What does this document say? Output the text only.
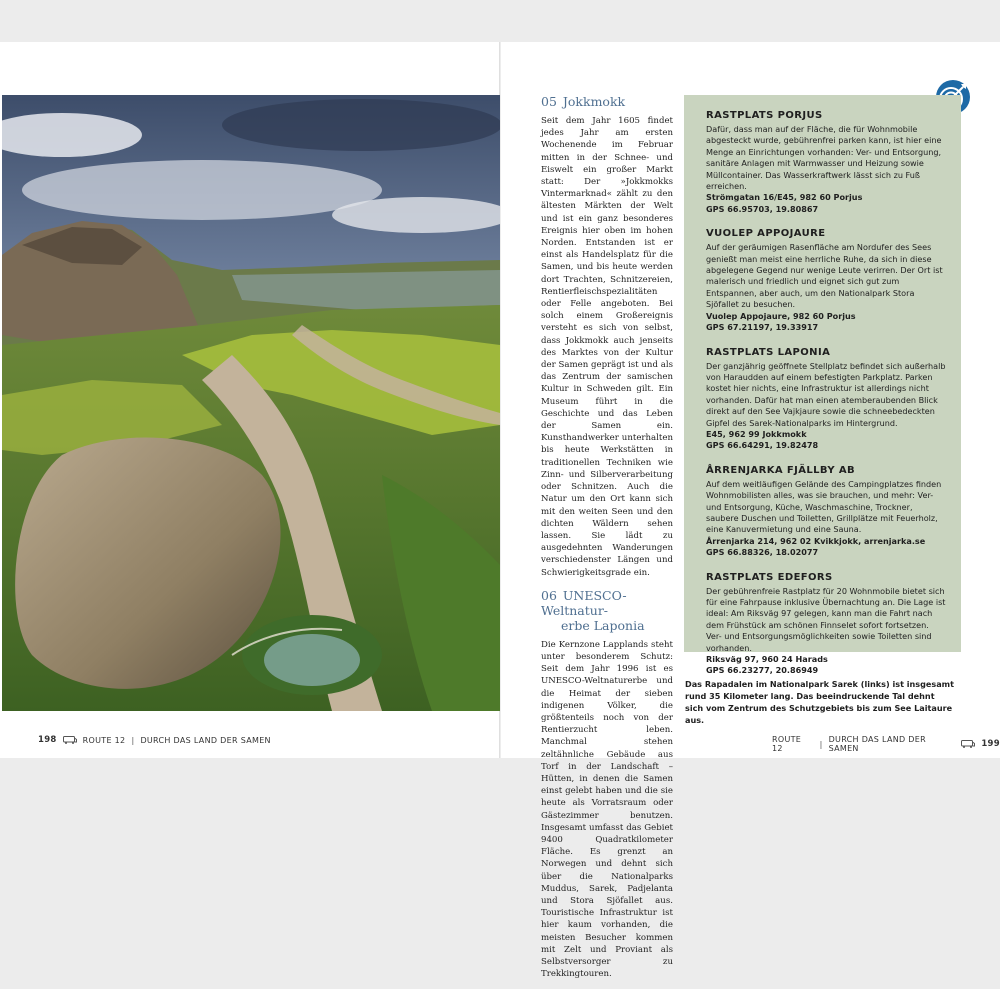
05 Jokkmokk

Seit dem Jahr 1605 findet jedes Jahr am ersten Wochenende im Februar mitten in der Schnee- und Eiswelt ein großer Markt statt: Der »Jokkmokks Vintermarknad« zählt zu den ältesten Märkten der Welt und ist ein ganz besonderes Ereignis hier oben im hohen Norden. Entstanden ist er einst als Handelsplatz für die Samen, und bis heute werden dort Trachten, Schnitzereien, Rentierfleischspezialitäten oder Felle angeboten. Bei solch einem Großereignis versteht es sich von selbst, dass Jokkmokk auch jenseits des Marktes von der Kultur der Samen geprägt ist und als das Zentrum der samischen Kultur in Schweden gilt. Ein Museum führt in die Geschichte und das Leben der Samen ein. Kunsthandwerker unterhalten bis heute Werkstätten in traditionellen Techniken wie Zinn- und Silberverarbeitung oder Schnitzen. Auch die Natur um den Ort kann sich mit den weiten Seen und den dichten Wäldern sehen lassen. Sie lädt zu ausgedehnten Wanderungen verschiedenster Längen und Schwierigkeitsgrade ein.

06 UNESCO-Weltnatur-
erbe Laponia

Die Kernzone Lapplands steht unter besonderem Schutz: Seit dem Jahr 1996 ist es UNESCO-Weltnaturerbe und die Heimat der sieben indigenen Völker, die größtenteils noch von der Rentierzucht leben. Manchmal stehen zeltähnliche Gebäude aus Torf in der Landschaft – Hütten, in denen die Samen einst gelebt haben und die sie heute als Vorratsraum oder Gästezimmer benutzen. Insgesamt umfasst das Gebiet 9400 Quadratkilometer Fläche. Es grenzt an Norwegen und dehnt sich über die Nationalparks Muddus, Sarek, Padjelanta und Stora Sjöfallet aus. Touristische Infrastruktur ist hier kaum vorhanden, die meisten Besucher kommen mit Zelt und Proviant als Selbstversorger zu Trekkingtouren.

RASTPLATS PORJUS

Dafür, dass man auf der Fläche, die für Wohnmobile abgesteckt wurde, gebührenfrei parken kann, ist hier eine Menge an Einrichtungen vorhanden: Ver- und Entsorgung, sanitäre Anlagen mit Warmwasser und Heizung sowie Müllcontainer. Das Wasserkraftwerk lässt sich zu Fuß erreichen.

Strömgatan 16/E45, 982 60 Porjus

GPS 66.95703, 19.80867

VUOLEP APPOJAURE

Auf der geräumigen Rasenfläche am Nordufer des Sees genießt man meist eine herrliche Ruhe, da sich in diese abgelegene Gegend nur wenige Leute verirren. Der Ort ist malerisch und friedlich und eignet sich gut zum Entspannen, aber auch, um den Nationalpark Stora Sjöfallet zu besuchen.

Vuolep Appojaure, 982 60 Porjus

GPS 67.21197, 19.33917

RASTPLATS LAPONIA

Der ganzjährig geöffnete Stellplatz befindet sich außerhalb von Haraudden auf einem befestigten Parkplatz. Parken kostet hier nichts, eine Infrastruktur ist allerdings nicht vorhanden. Dafür hat man einen atemberaubenden Blick direkt auf den See Vajkjaure sowie die schneebedeckten Gipfel des Sarek-Nationalparks im Hintergrund.

E45, 962 99 Jokkmokk

GPS 66.64291, 19.82478

ÅRRENJARKA FJÄLLBY AB

Auf dem weitläufigen Gelände des Campingplatzes finden Wohnmobilisten alles, was sie brauchen, und mehr: Ver- und Entsorgung, Küche, Waschmaschine, Trockner, saubere Duschen und Toiletten, Grillplätze mit Feuerholz, eine Kanuvermietung und eine Sauna.

Årrenjarka 214, 962 02 Kvikkjokk, arrenjarka.se

GPS 66.88326, 18.02077

RASTPLATS EDEFORS

Der gebührenfreie Rastplatz für 20 Wohnmobile bietet sich für eine Fahrpause inklusive Übernachtung an. Die Lage ist ideal: Am Riksväg 97 gelegen, kann man die Fahrt nach dem Frühstück am schönen Finnselet sofort fortsetzen. Ver- und Entsorgungsmöglichkeiten sowie Toiletten sind vorhanden.

Riksväg 97, 960 24 Harads

GPS 66.23277, 20.86949

Das Rapadalen im Nationalpark Sarek (links) ist insgesamt rund 35 Kilometer lang. Das beeindruckende Tal dehnt sich vom Zentrum des Schutzgebiets bis zum See Laitaure aus.
198	ROUTE 12 | DURCH DAS LAND DER SAMEN	ROUTE 12	| DURCH DAS LAND DER SAMEN	199
